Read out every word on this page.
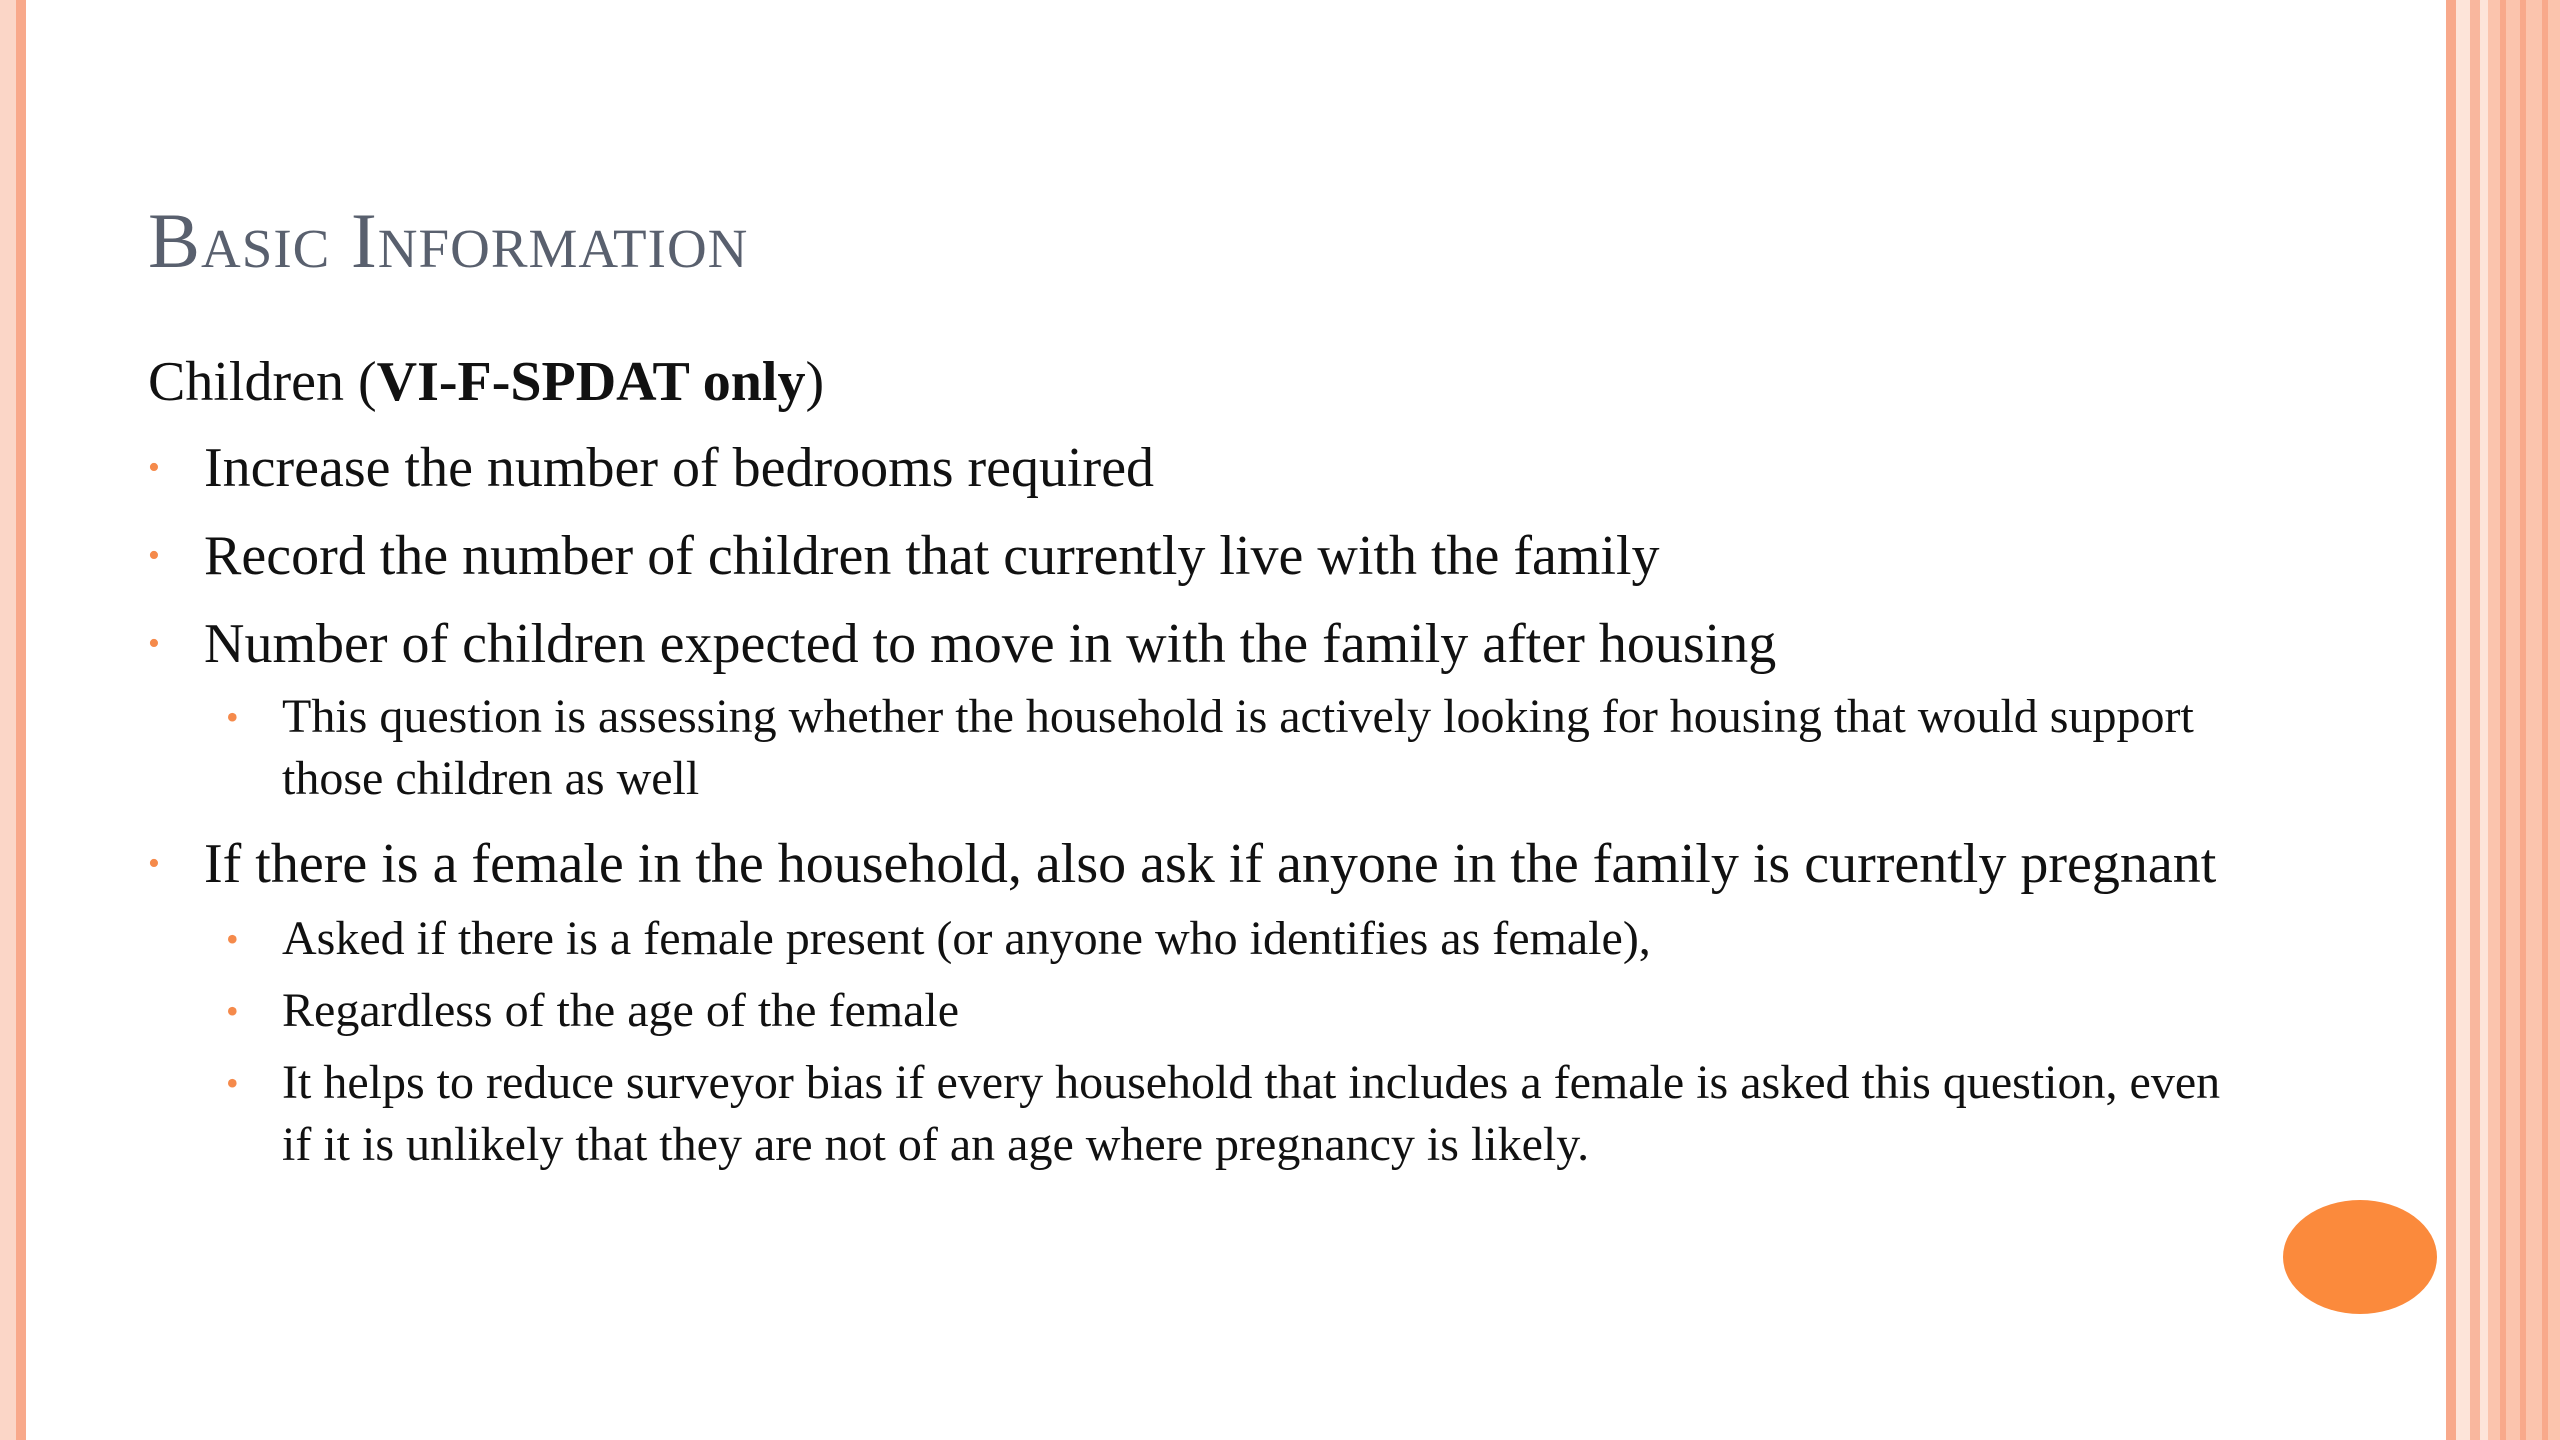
Basic Information
Children (VI-F-SPDAT only)
• Increase the number of bedrooms required
• Record the number of children that currently live with the family
• Number of children expected to move in with the family after housing
• This question is assessing whether the household is actively looking for housing that would support those children as well
• If there is a female in the household, also ask if anyone in the family is currently pregnant
• Asked if there is a female present (or anyone who identifies as female),
• Regardless of the age of the female
• It helps to reduce surveyor bias if every household that includes a female is asked this question, even if it is unlikely that they are not of an age where pregnancy is likely.
